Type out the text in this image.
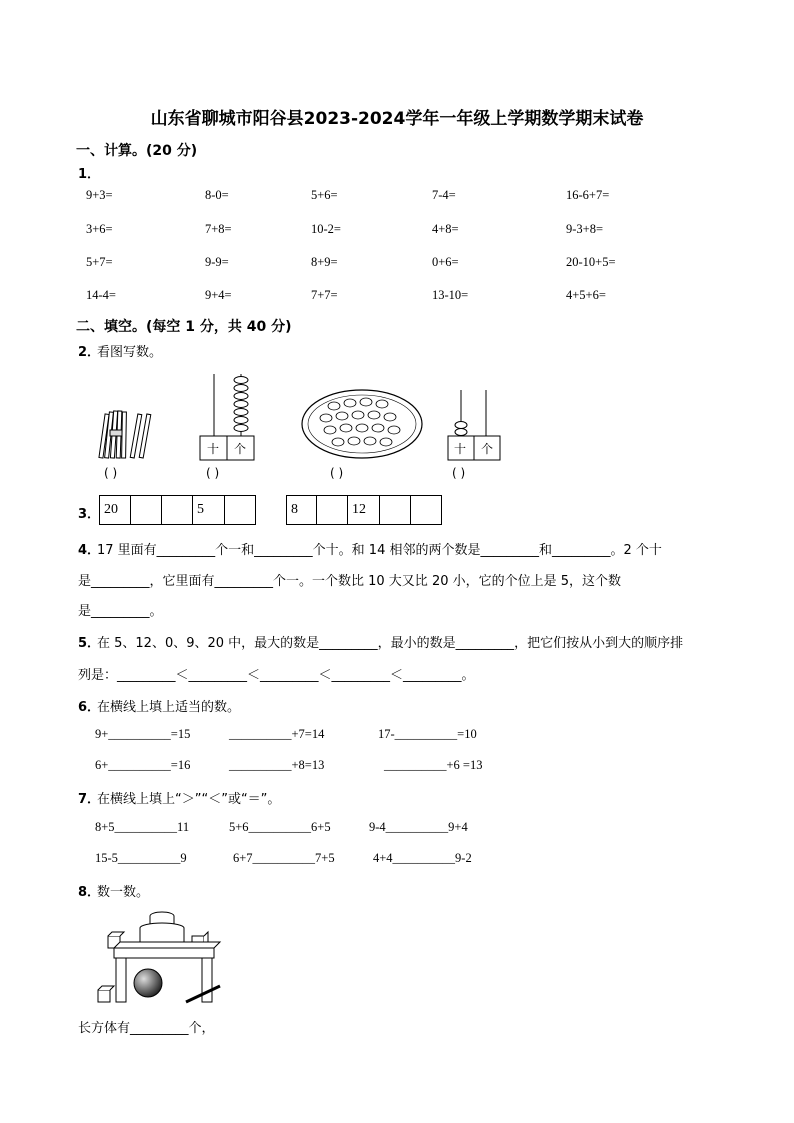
山东省聊城市阳谷县2023-2024学年一年级上学期数学期末试卷
一、计算。(20 分)
1．
9+3=	8-0=	5+6=	7-4=	16-6+7=
3+6=	7+8=	10-2=	4+8=	9-3+8=
5+7=	9-9=	8+9=	0+6=	20-10+5=
14-4=	9+4=	7+7=	13-10=	4+5+6=
二、填空。(每空 1 分，共 40 分)
2．
看图写数。
( )
十 个
( )	( )
十 个
( )
3． 20	5	8	12
4．
17 里面有_________个一和_________个十。和 14 相邻的两个数是_________和_________。2 个十
是_________，它里面有_________个一。一个数比 10 大又比 20 小，它的个位上是 5，这个数
是_________。
5．
在 5、12、0、9、20 中，最大的数是_________，最小的数是_________，把它们按从小到大的顺序排
列是：_________＜_________＜_________＜_________＜_________。
6．
在横线上填上适当的数。
9+__________=15	__________+7=14	17-__________=10
6+__________=16	__________+8=13	__________+6 =13
7．
在横线上填上“＞”“＜”或“＝”。
8+5__________11	5+6__________6+5	9-4__________9+4
15-5__________9	6+7__________7+5	4+4__________9-2
8．
数一数。
长方体有_________个，
